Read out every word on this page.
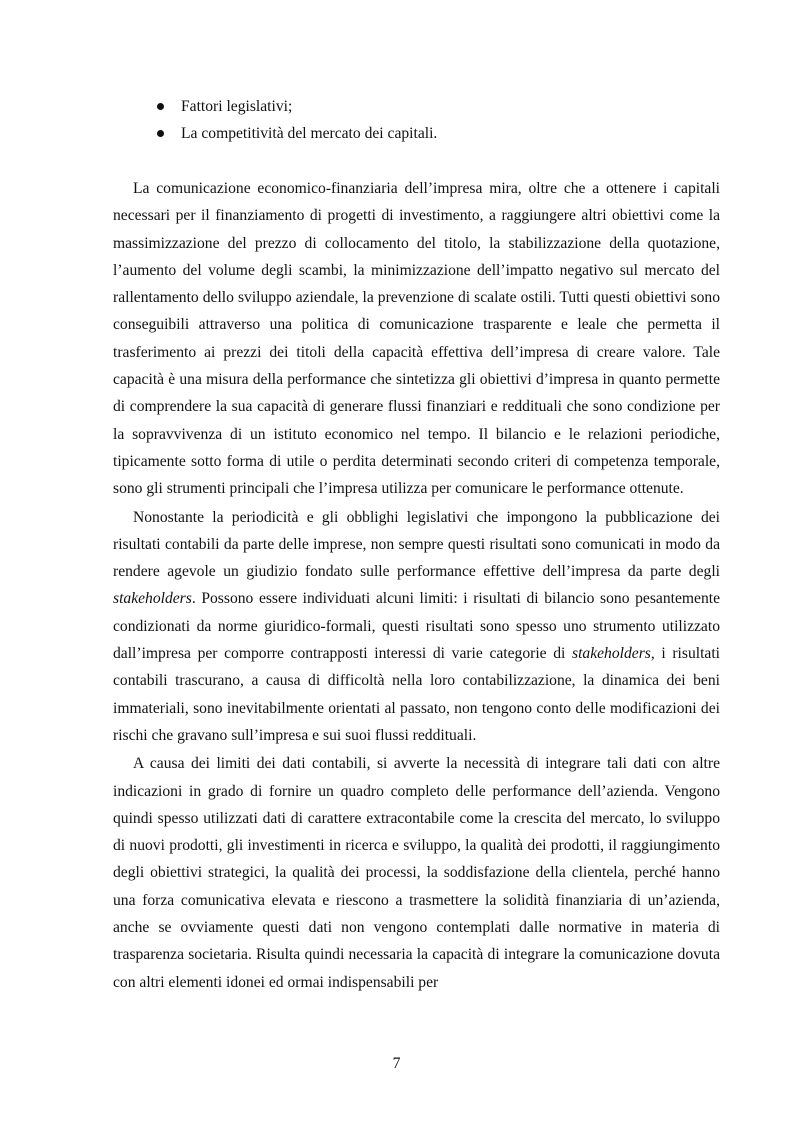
Fattori legislativi;
La competitività del mercato dei capitali.

La comunicazione economico-finanziaria dell’impresa mira, oltre che a ottenere i capitali necessari per il finanziamento di progetti di investimento, a raggiungere altri obiettivi come la massimizzazione del prezzo di collocamento del titolo, la stabilizzazione della quotazione, l’aumento del volume degli scambi, la minimizzazione dell’impatto negativo sul mercato del rallentamento dello sviluppo aziendale, la prevenzione di scalate ostili. Tutti questi obiettivi sono conseguibili attraverso una politica di comunicazione trasparente e leale che permetta il trasferimento ai prezzi dei titoli della capacità effettiva dell’impresa di creare valore. Tale capacità è una misura della performance che sintetizza gli obiettivi d’impresa in quanto permette di comprendere la sua capacità di generare flussi finanziari e reddituali che sono condizione per la sopravvivenza di un istituto economico nel tempo. Il bilancio e le relazioni periodiche, tipicamente sotto forma di utile o perdita determinati secondo criteri di competenza temporale, sono gli strumenti principali che l’impresa utilizza per comunicare le performance ottenute.

Nonostante la periodicità e gli obblighi legislativi che impongono la pubblicazione dei risultati contabili da parte delle imprese, non sempre questi risultati sono comunicati in modo da rendere agevole un giudizio fondato sulle performance effettive dell’impresa da parte degli stakeholders. Possono essere individuati alcuni limiti: i risultati di bilancio sono pesantemente condizionati da norme giuridico-formali, questi risultati sono spesso uno strumento utilizzato dall’impresa per comporre contrapposti interessi di varie categorie di stakeholders, i risultati contabili trascurano, a causa di difficoltà nella loro contabilizzazione, la dinamica dei beni immateriali, sono inevitabilmente orientati al passato, non tengono conto delle modificazioni dei rischi che gravano sull’impresa e sui suoi flussi reddituali.

A causa dei limiti dei dati contabili, si avverte la necessità di integrare tali dati con altre indicazioni in grado di fornire un quadro completo delle performance dell’azienda. Vengono quindi spesso utilizzati dati di carattere extracontabile come la crescita del mercato, lo sviluppo di nuovi prodotti, gli investimenti in ricerca e sviluppo, la qualità dei prodotti, il raggiungimento degli obiettivi strategici, la qualità dei processi, la soddisfazione della clientela, perché hanno una forza comunicativa elevata e riescono a trasmettere la solidità finanziaria di un’azienda, anche se ovviamente questi dati non vengono contemplati dalle normative in materia di trasparenza societaria. Risulta quindi necessaria la capacità di integrare la comunicazione dovuta con altri elementi idonei ed ormai indispensabili per

7
